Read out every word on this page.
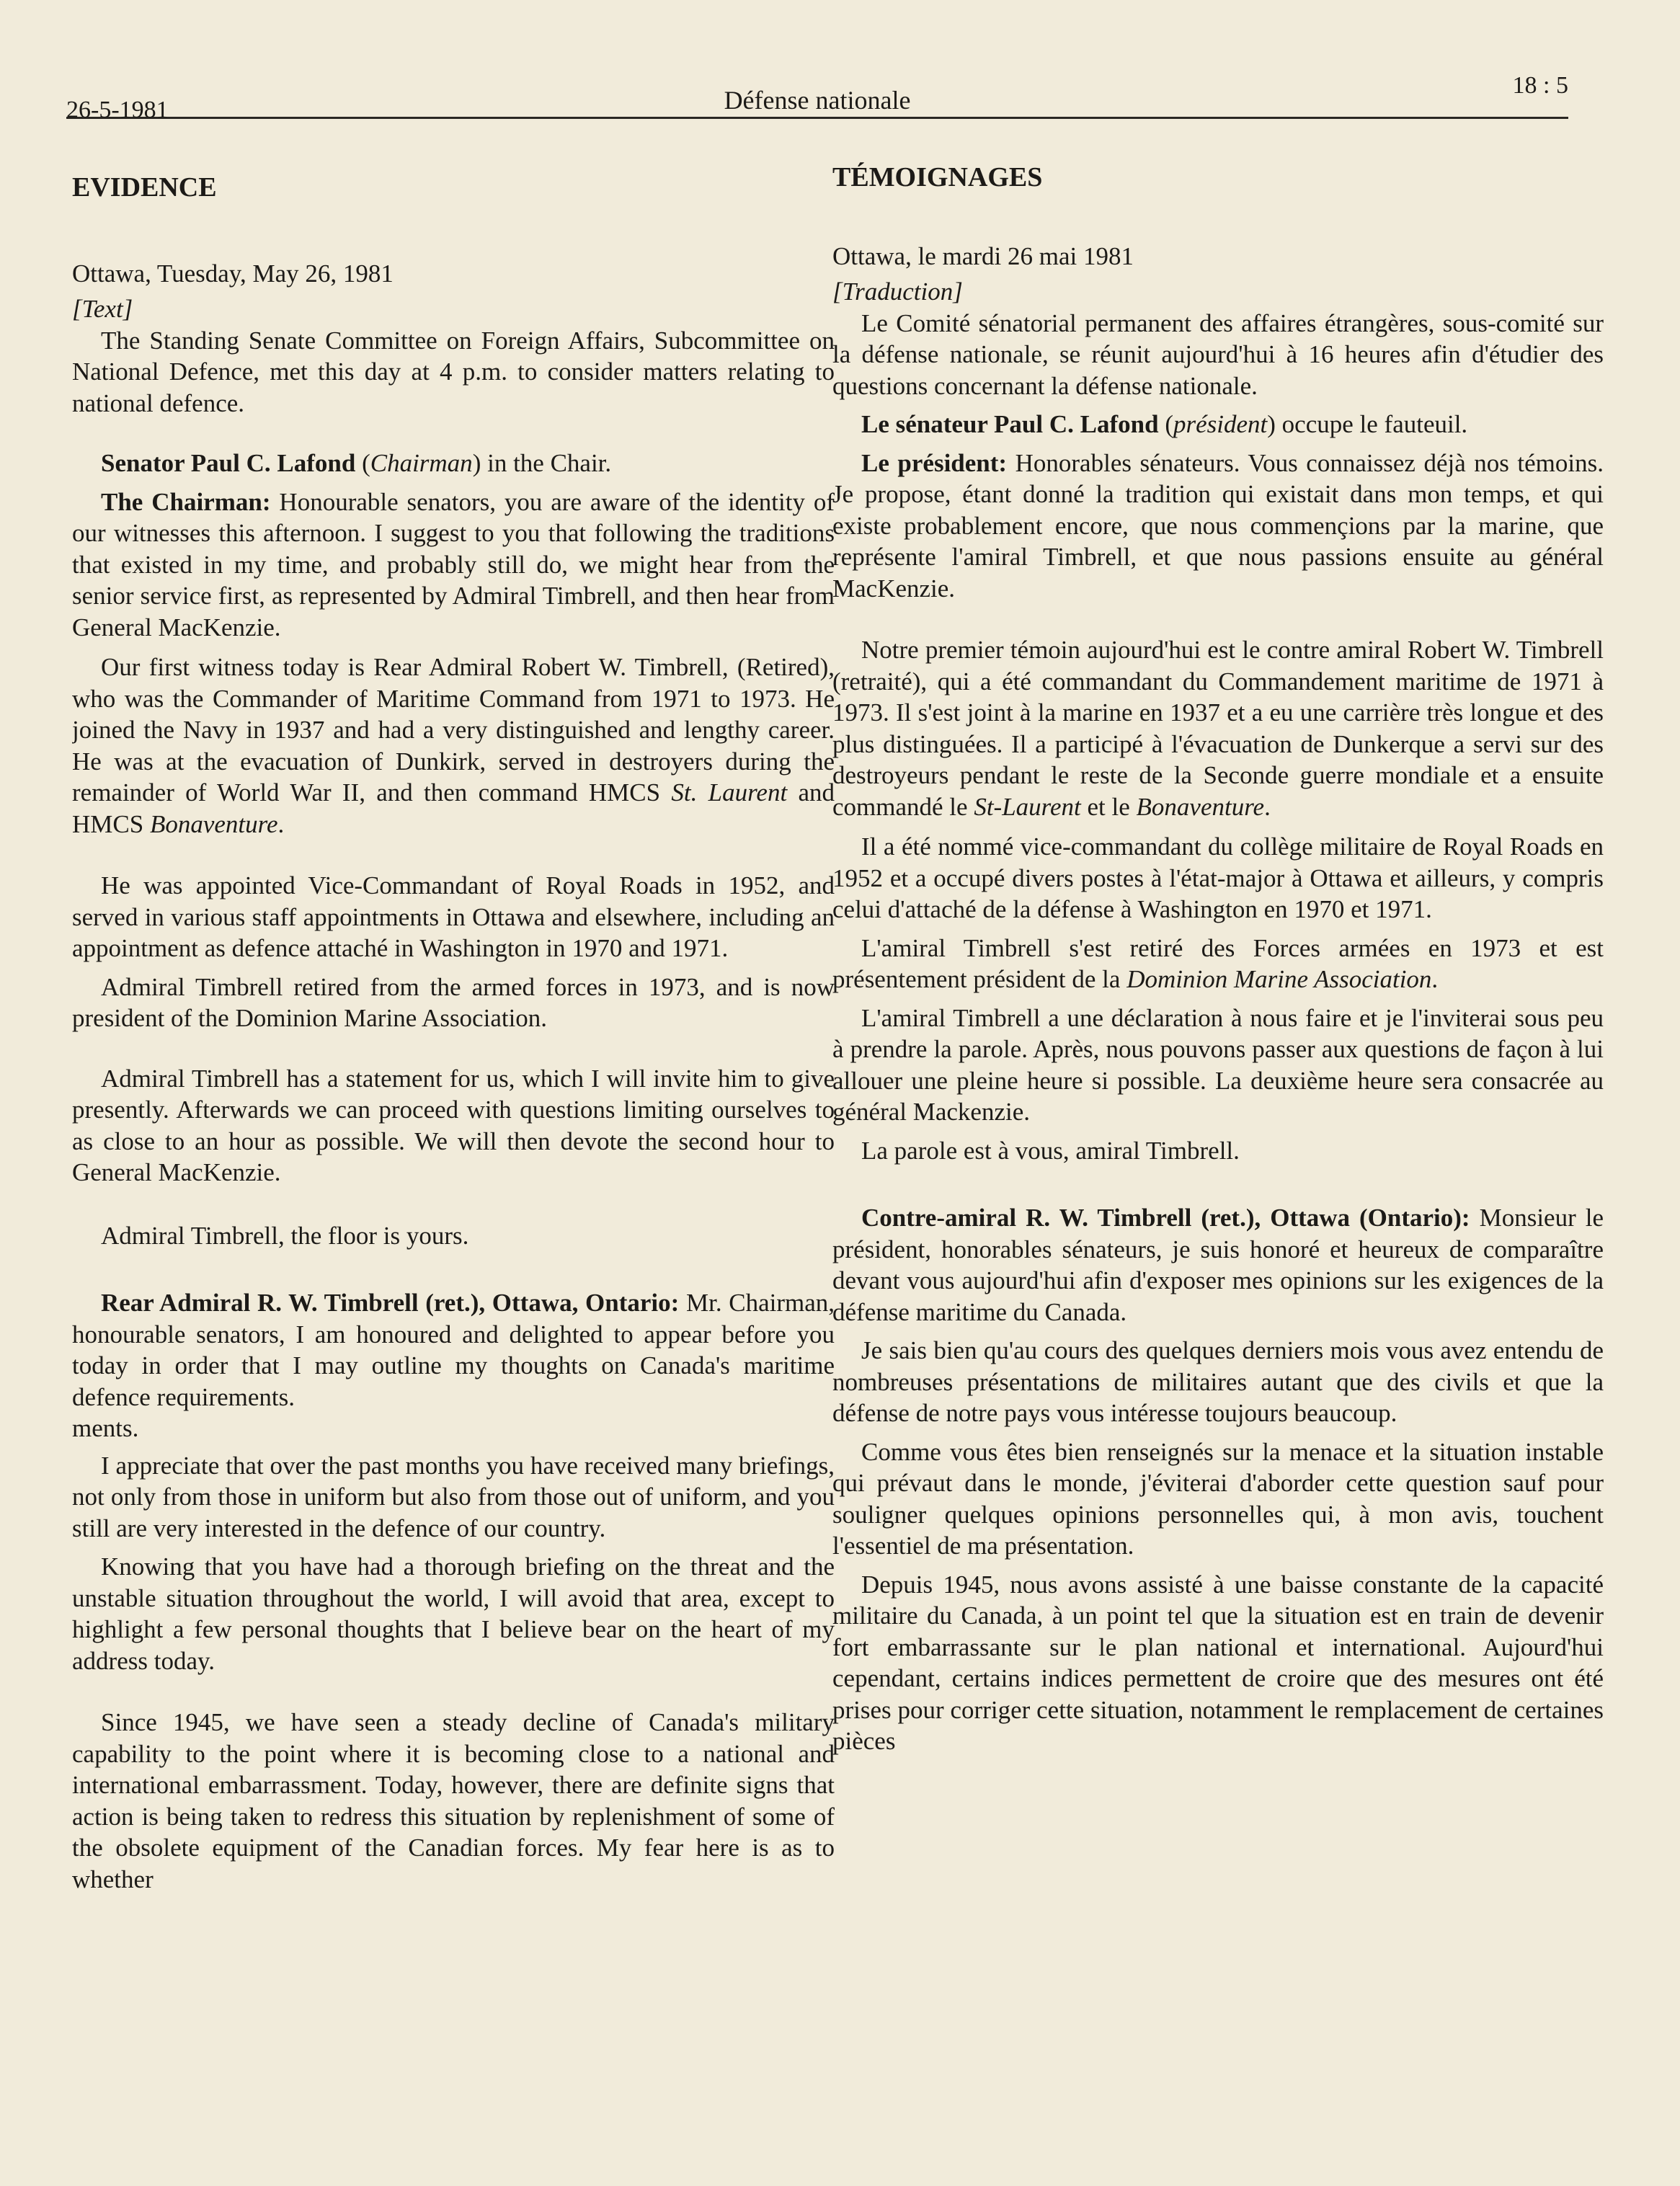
26-5-1981	Défense nationale
18 : 5
EVIDENCE

Ottawa, Tuesday, May 26, 1981

[Text]

The Standing Senate Committee on Foreign Affairs, Subcommittee on National Defence, met this day at 4 p.m. to consider matters relating to national defence.

Senator Paul C. Lafond (Chairman) in the Chair.

The Chairman: Honourable senators, you are aware of the identity of our witnesses this afternoon. I suggest to you that following the traditions that existed in my time, and probably still do, we might hear from the senior service first, as represented by Admiral Timbrell, and then hear from General MacKenzie.

Our first witness today is Rear Admiral Robert W. Timbrell, (Retired), who was the Commander of Maritime Command from 1971 to 1973. He joined the Navy in 1937 and had a very distinguished and lengthy career. He was at the evacuation of Dunkirk, served in destroyers during the remainder of World War II, and then command HMCS St. Laurent and HMCS Bonaventure.

He was appointed Vice-Commandant of Royal Roads in 1952, and served in various staff appointments in Ottawa and elsewhere, including an appointment as defence attaché in Washington in 1970 and 1971.

Admiral Timbrell retired from the armed forces in 1973, and is now president of the Dominion Marine Association.

Admiral Timbrell has a statement for us, which I will invite him to give presently. Afterwards we can proceed with questions limiting ourselves to as close to an hour as possible. We will then devote the second hour to General MacKenzie.

Admiral Timbrell, the floor is yours.

Rear Admiral R. W. Timbrell (ret.), Ottawa, Ontario: Mr. Chairman, honourable senators, I am honoured and delighted to appear before you today in order that I may outline my thoughts on Canada's maritime defence requirements.

ments.

I appreciate that over the past months you have received many briefings, not only from those in uniform but also from those out of uniform, and you still are very interested in the defence of our country.

Knowing that you have had a thorough briefing on the threat and the unstable situation throughout the world, I will avoid that area, except to highlight a few personal thoughts that I believe bear on the heart of my address today.

Since 1945, we have seen a steady decline of Canada's military capability to the point where it is becoming close to a national and international embarrassment. Today, however, there are definite signs that action is being taken to redress this situation by replenishment of some of the obsolete equipment of the Canadian forces. My fear here is as to whether

TÉMOIGNAGES

Ottawa, le mardi 26 mai 1981

[Traduction]

Le Comité sénatorial permanent des affaires étrangères, sous-comité sur la défense nationale, se réunit aujourd'hui à 16 heures afin d'étudier des questions concernant la défense nationale.

Le sénateur Paul C. Lafond (président) occupe le fauteuil.

Le président: Honorables sénateurs. Vous connaissez déjà nos témoins. Je propose, étant donné la tradition qui existait dans mon temps, et qui existe probablement encore, que nous commençions par la marine, que représente l'amiral Timbrell, et que nous passions ensuite au général MacKenzie.

Notre premier témoin aujourd'hui est le contre amiral Robert W. Timbrell (retraité), qui a été commandant du Commandement maritime de 1971 à 1973. Il s'est joint à la marine en 1937 et a eu une carrière très longue et des plus distinguées. Il a participé à l'évacuation de Dunkerque a servi sur des destroyeurs pendant le reste de la Seconde guerre mondiale et a ensuite commandé le St-Laurent et le Bonaventure.

Il a été nommé vice-commandant du collège militaire de Royal Roads en 1952 et a occupé divers postes à l'état-major à Ottawa et ailleurs, y compris celui d'attaché de la défense à Washington en 1970 et 1971.

L'amiral Timbrell s'est retiré des Forces armées en 1973 et est présentement président de la Dominion Marine Association.

L'amiral Timbrell a une déclaration à nous faire et je l'inviterai sous peu à prendre la parole. Après, nous pouvons passer aux questions de façon à lui allouer une pleine heure si possible. La deuxième heure sera consacrée au général Mackenzie.

La parole est à vous, amiral Timbrell.

Contre-amiral R. W. Timbrell (ret.), Ottawa (Ontario): Monsieur le président, honorables sénateurs, je suis honoré et heureux de comparaître devant vous aujourd'hui afin d'exposer mes opinions sur les exigences de la défense maritime du Canada.

Je sais bien qu'au cours des quelques derniers mois vous avez entendu de nombreuses présentations de militaires autant que des civils et que la défense de notre pays vous intéresse toujours beaucoup.

Comme vous êtes bien renseignés sur la menace et la situation instable qui prévaut dans le monde, j'éviterai d'aborder cette question sauf pour souligner quelques opinions personnelles qui, à mon avis, touchent l'essentiel de ma présentation.

Depuis 1945, nous avons assisté à une baisse constante de la capacité militaire du Canada, à un point tel que la situation est en train de devenir fort embarrassante sur le plan national et international. Aujourd'hui cependant, certains indices permettent de croire que des mesures ont été prises pour corriger cette situation, notamment le remplacement de certaines pièces
